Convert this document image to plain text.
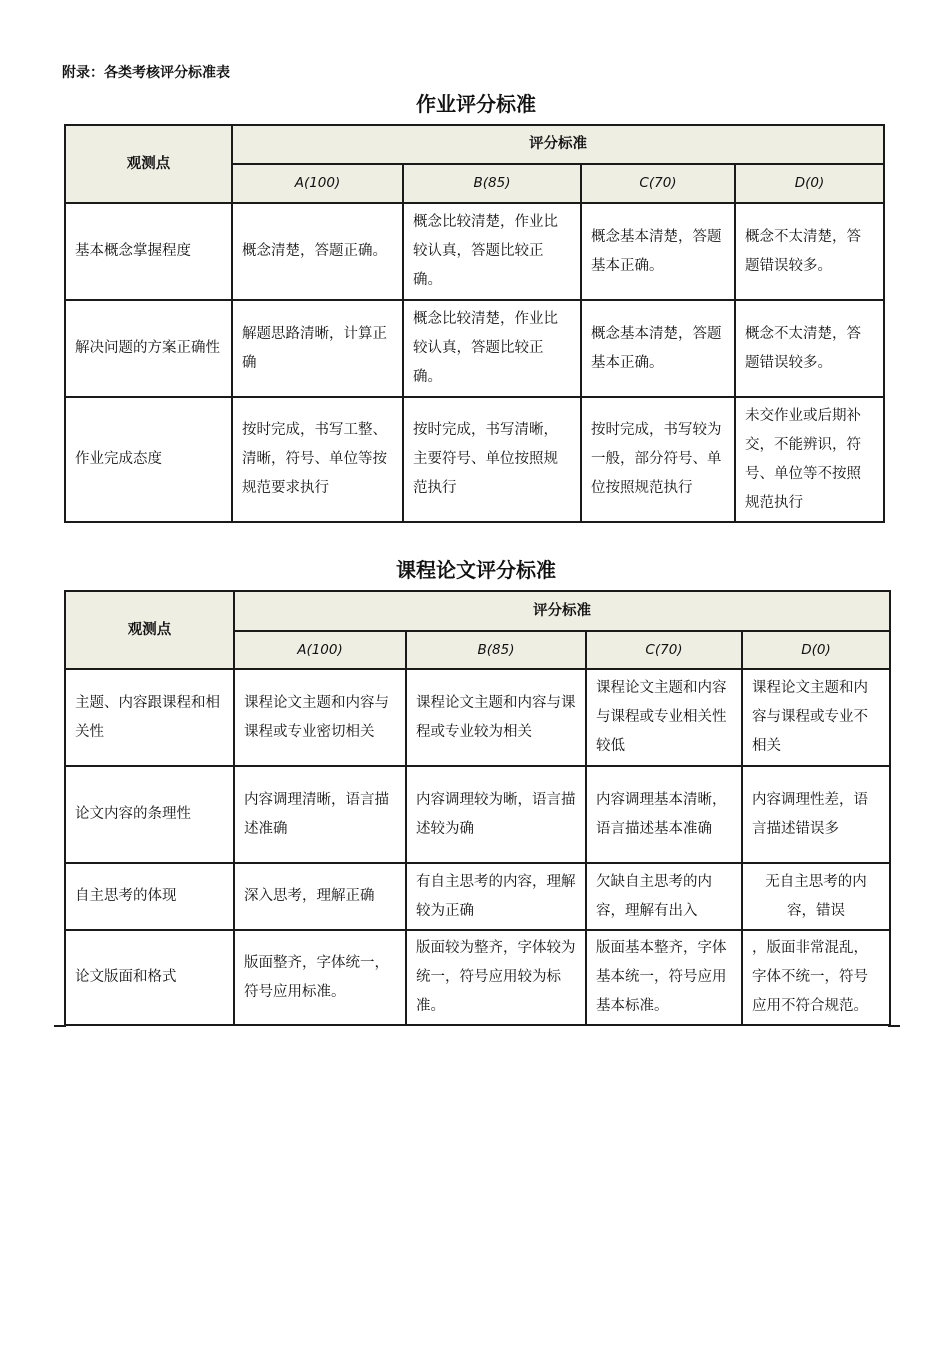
附录：各类考核评分标准表
作业评分标准
观测点	评分标准			
	A(100)	B(85)	C(70)	D(0)
基本概念掌握程度	概念清楚，答题正确。	概念比较清楚，作业比较认真，答题比较正确。	概念基本清楚，答题基本正确。	概念不太清楚，答题错误较多。
解决问题的方案正确性	解题思路清晰，计算正确	概念比较清楚，作业比较认真，答题比较正确。	概念基本清楚，答题基本正确。	概念不太清楚，答题错误较多。
作业完成态度	按时完成，书写工整、清晰，符号、单位等按规范要求执行	按时完成，书写清晰，主要符号、单位按照规范执行	按时完成，书写较为一般，部分符号、单位按照规范执行	未交作业或后期补交，不能辨识，符号、单位等不按照规范执行
课程论文评分标准
观测点	评分标准			
	A(100)	B(85)	C(70)	D(0)
主题、内容跟课程和相关性	课程论文主题和内容与课程或专业密切相关	课程论文主题和内容与课程或专业较为相关	课程论文主题和内容与课程或专业相关性较低	课程论文主题和内容与课程或专业不相关
论文内容的条理性	内容调理清晰，语言描述准确	内容调理较为晰，语言描述较为确	内容调理基本清晰，语言描述基本准确	内容调理性差，语言描述错误多
自主思考的体现	深入思考，理解正确	有自主思考的内容，理解较为正确	欠缺自主思考的内容，理解有出入	无自主思考的内容，错误
论文版面和格式	版面整齐，字体统一，符号应用标准。	版面较为整齐，字体较为统一，符号应用较为标准。	版面基本整齐，字体基本统一，符号应用基本标准。	，版面非常混乱，字体不统一，符号应用不符合规范。
